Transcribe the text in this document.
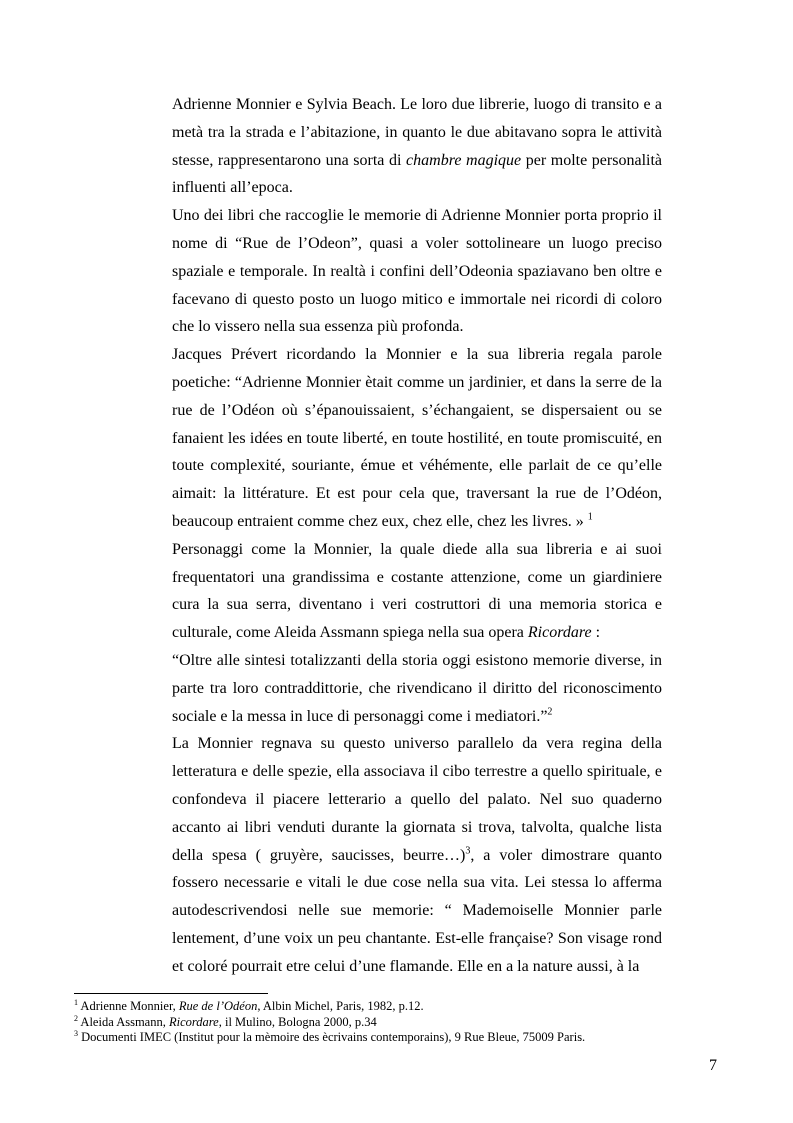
Adrienne Monnier e Sylvia Beach. Le loro due librerie, luogo di transito e a metà tra la strada e l’abitazione, in quanto le due abitavano sopra le attività stesse, rappresentarono una sorta di chambre magique per molte personalità influenti all’epoca.

Uno dei libri che raccoglie le memorie di Adrienne Monnier porta proprio il nome di “Rue de l’Odeon”, quasi a voler sottolineare un luogo preciso spaziale e temporale. In realtà i confini dell’Odeonia spaziavano ben oltre e facevano di questo posto un luogo mitico e immortale nei ricordi di coloro che lo vissero nella sua essenza più profonda.

Jacques Prévert ricordando la Monnier e la sua libreria regala parole poetiche: “Adrienne Monnier ètait comme un jardinier, et dans la serre de la rue de l’Odéon où s’épanouissaient, s’échangaient, se dispersaient ou se fanaient les idées en toute liberté, en toute hostilité, en toute promiscuité, en toute complexité, souriante, émue et véhémente, elle parlait de ce qu’elle aimait: la littérature. Et est pour cela que, traversant la rue de l’Odéon, beaucoup entraient comme chez eux, chez elle, chez les livres. » $^1$

Personaggi come la Monnier, la quale diede alla sua libreria e ai suoi frequentatori una grandissima e costante attenzione, come un giardiniere cura la sua serra, diventano i veri costruttori di una memoria storica e culturale, come Aleida Assmann spiega nella sua opera Ricordare :

“Oltre alle sintesi totalizzanti della storia oggi esistono memorie diverse, in parte tra loro contraddittorie, che rivendicano il diritto del riconoscimento sociale e la messa in luce di personaggi come i mediatori.”$^2$

La Monnier regnava su questo universo parallelo da vera regina della letteratura e delle spezie, ella associava il cibo terrestre a quello spirituale, e confondeva il piacere letterario a quello del palato. Nel suo quaderno accanto ai libri venduti durante la giornata si trova, talvolta, qualche lista della spesa ( gruyère, saucisses, beurre…)$^3$, a voler dimostrare quanto fossero necessarie e vitali le due cose nella sua vita. Lei stessa lo afferma autodescrivendosi nelle sue memorie: “ Mademoiselle Monnier parle lentement, d’une voix un peu chantante. Est-elle française? Son visage rond et coloré pourrait etre celui d’une flamande. Elle en a la nature aussi, à la

$^1$ Adrienne Monnier, Rue de l’Odéon, Albin Michel, Paris, 1982, p.12.

$^2$ Aleida Assmann, Ricordare, il Mulino, Bologna 2000, p.34

$^3$ Documenti IMEC (Institut pour la mèmoire des ècrivains contemporains), 9 Rue Bleue, 75009 Paris.

7
